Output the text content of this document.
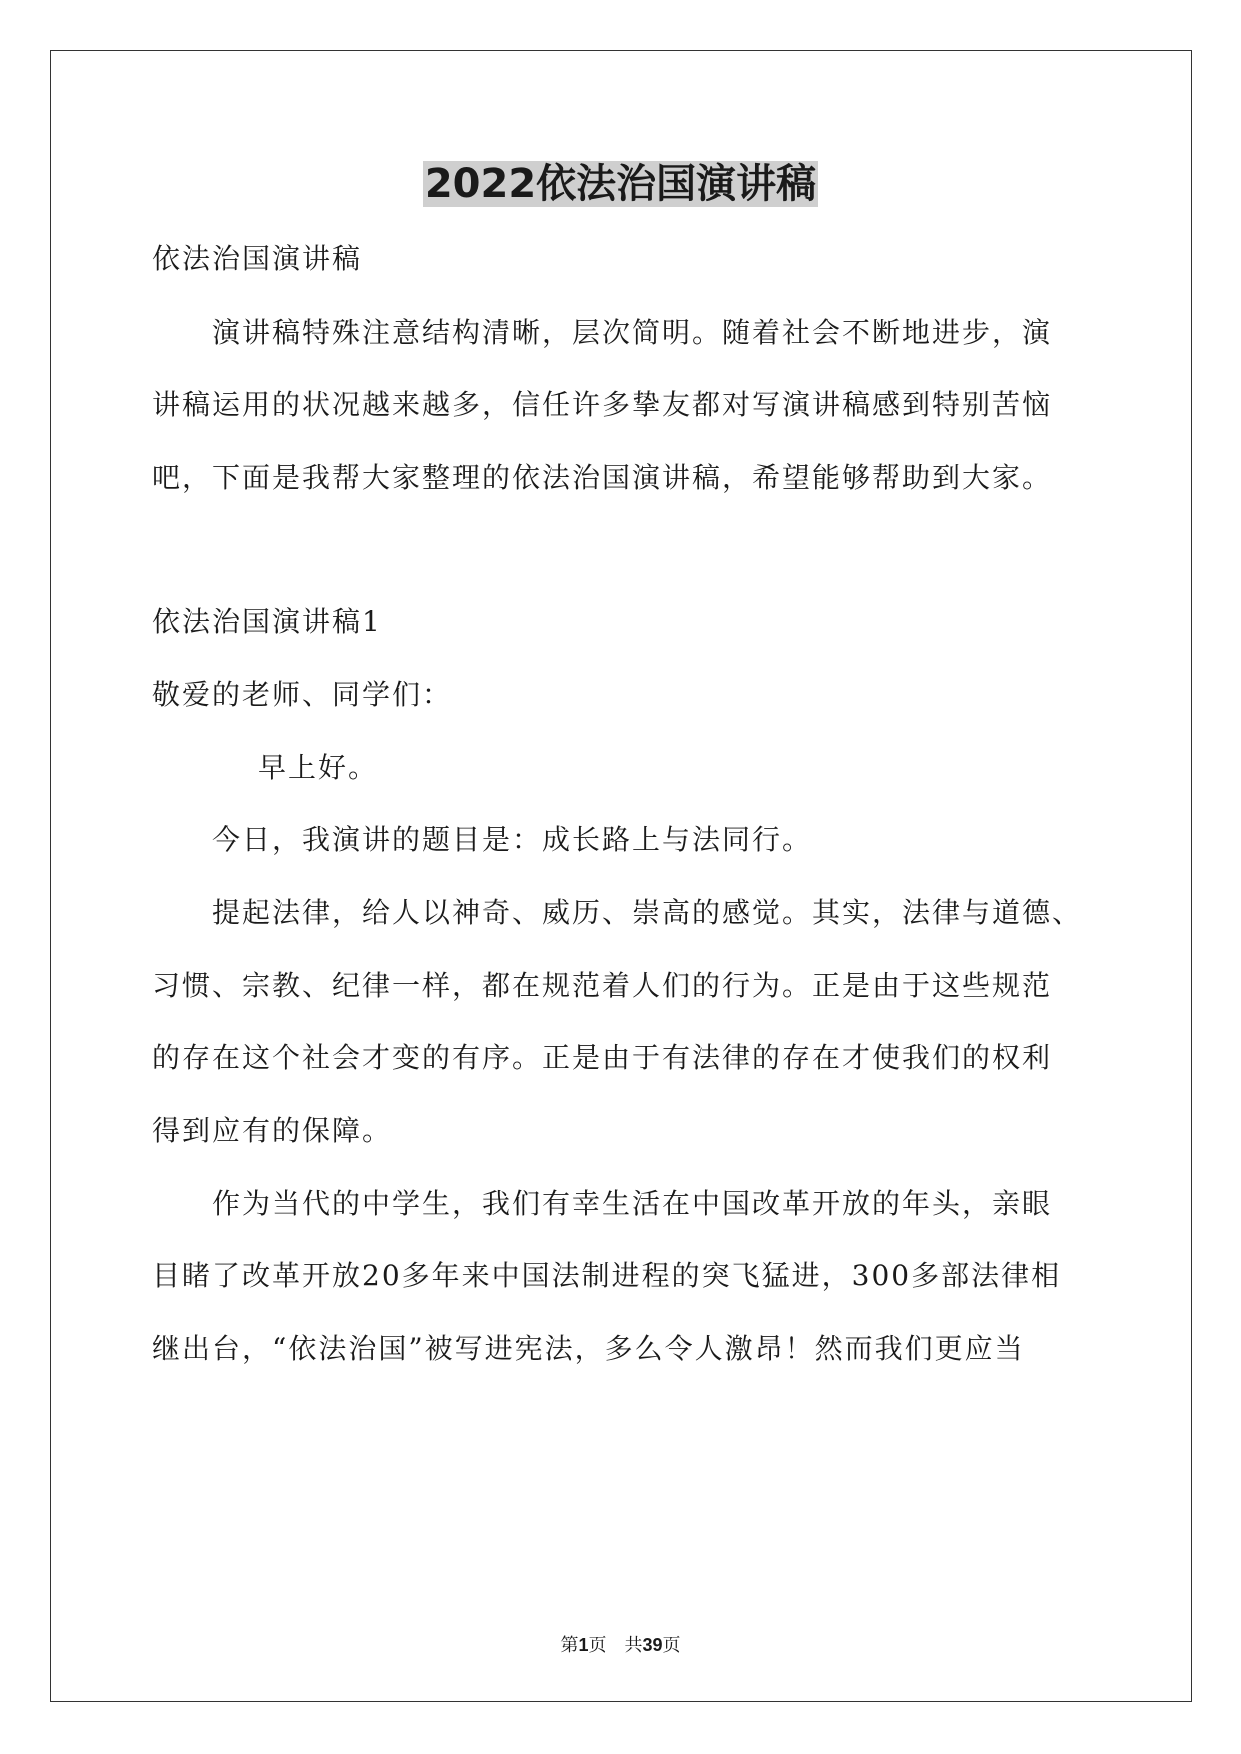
2022依法治国演讲稿

依法治国演讲稿

演讲稿特殊注意结构清晰，层次简明。随着社会不断地进步，演

讲稿运用的状况越来越多，信任许多挚友都对写演讲稿感到特别苦恼

吧，下面是我帮大家整理的依法治国演讲稿，希望能够帮助到大家。

依法治国演讲稿1

敬爱的老师、同学们：

早上好。

今日，我演讲的题目是：成长路上与法同行。

提起法律，给人以神奇、威历、崇高的感觉。其实，法律与道德、

习惯、宗教、纪律一样，都在规范着人们的行为。正是由于这些规范

的存在这个社会才变的有序。正是由于有法律的存在才使我们的权利

得到应有的保障。

作为当代的中学生，我们有幸生活在中国改革开放的年头，亲眼

目睹了改革开放20多年来中国法制进程的突飞猛进，300多部法律相

继出台，“依法治国”被写进宪法，多么令人激昂！然而我们更应当

第1页　共39页
